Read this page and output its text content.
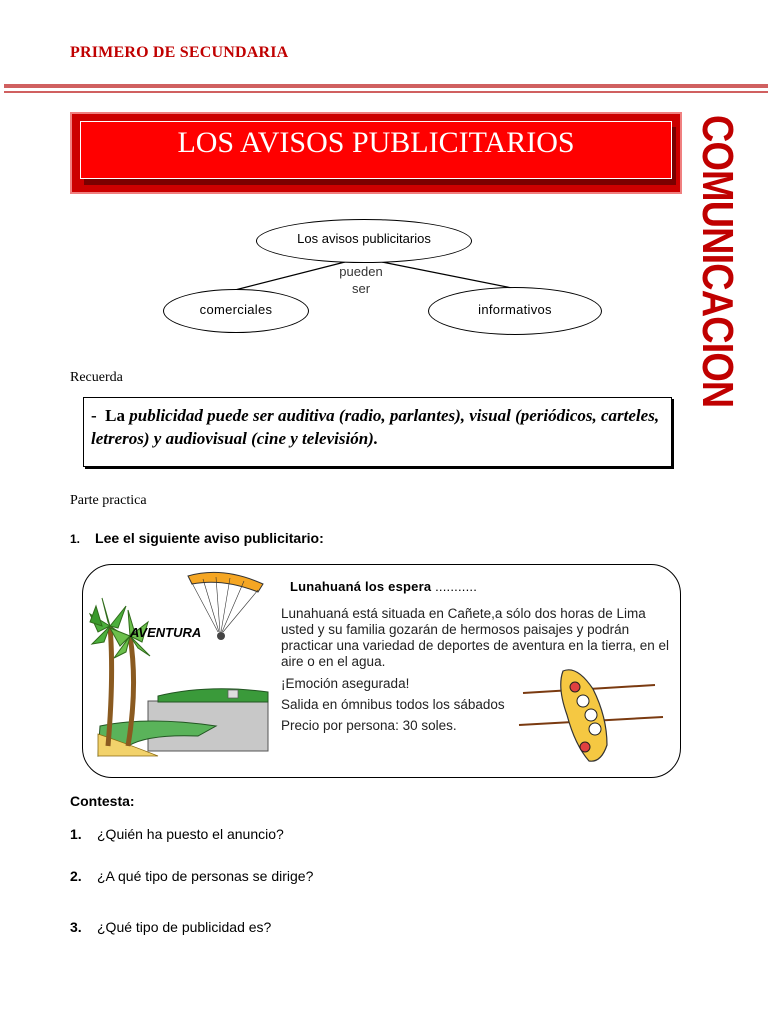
PRIMERO DE SECUNDARIA
LOS AVISOS PUBLICITARIOS	COMUNICACION
Los avisos publicitarios
pueden
ser
comerciales	informativos
Recuerda
- La publicidad puede ser auditiva (radio, parlantes), visual (periódicos, carteles, letreros) y audiovisual (cine y televisión).
Parte practica
1. Lee el siguiente aviso publicitario:
AVENTURA
Lunahuaná los espera ...........

Lunahuaná está situada en Cañete,a sólo dos horas de Lima

usted y su familia gozarán de hermosos paisajes y podrán practicar una variedad de deportes de aventura en la tierra, en el aire o en el agua.

¡Emoción asegurada!

Salida en ómnibus todos los sábados

Precio por persona: 30 soles.

Contesta:
1. ¿Quién ha puesto el anuncio?
2. ¿A qué tipo de personas se dirige?
3. ¿Qué tipo de publicidad es?
